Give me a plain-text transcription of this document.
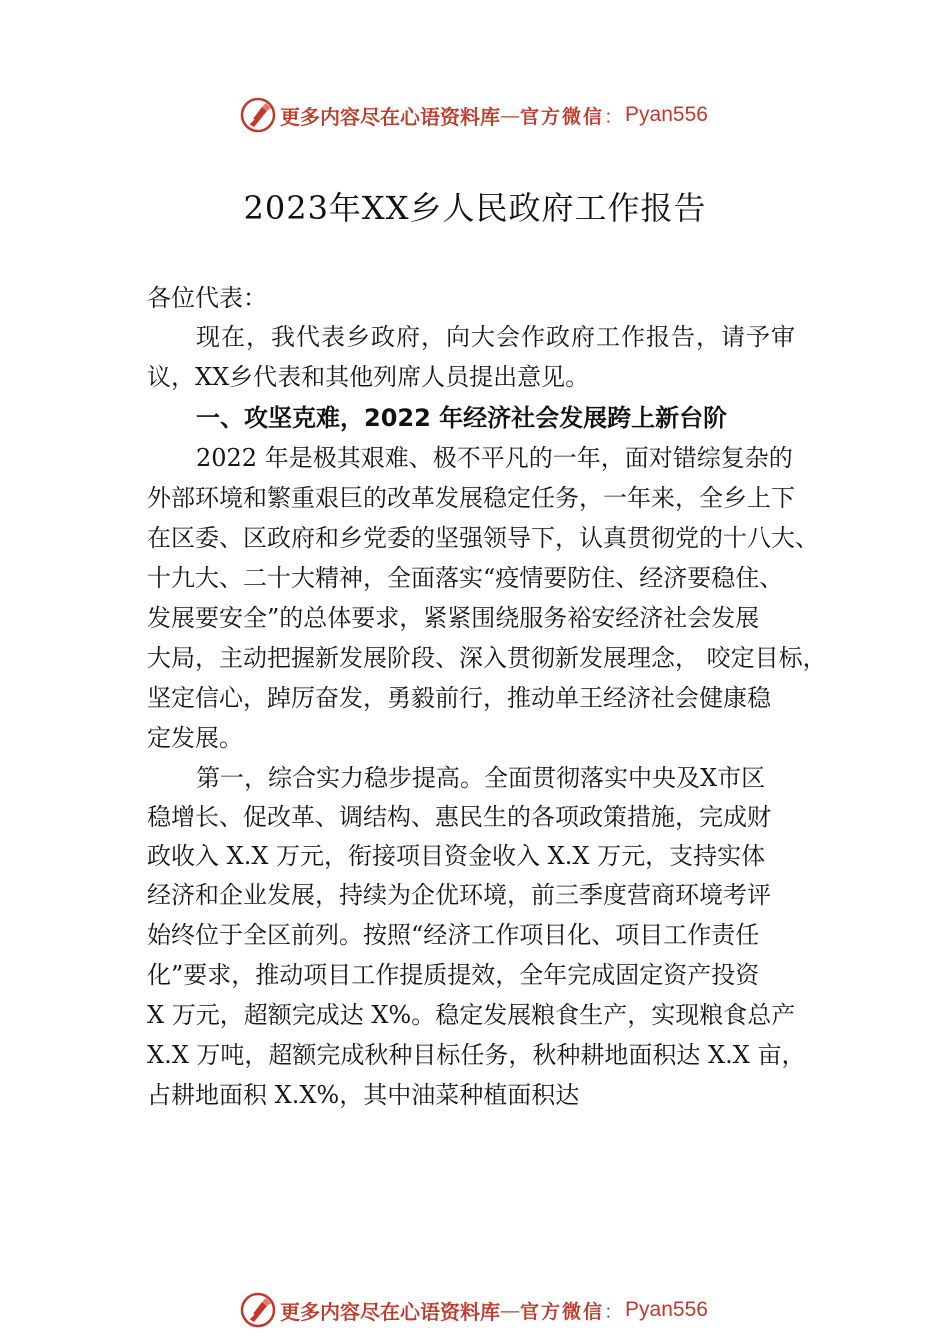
更多内容尽在心语资料库 — 官方微信 ： Pyan556
2023年XX乡人民政府工作报告
各位代表：
现在，我代表乡政府，向大会作政府工作报告，请予审
议，XX乡代表和其他列席人员提出意见。
一、攻坚克难，2022 年经济社会发展跨上新台阶
2022 年是极其艰难、极不平凡的一年，面对错综复杂的
外部环境和繁重艰巨的改革发展稳定任务，一年来，全乡上下
在区委、区政府和乡党委的坚强领导下，认真贯彻党的十八大、
十九大、二十大精神，全面落实“疫情要防住、经济要稳住、
发展要安全”的总体要求，紧紧围绕服务裕安经济社会发展
大局，主动把握新发展阶段、深入贯彻新发展理念， 咬定目标，
坚定信心，踔厉奋发，勇毅前行，推动单王经济社会健康稳
定发展。
第一，综合实力稳步提高。全面贯彻落实中央及X市区
稳增长、促改革、调结构、惠民生的各项政策措施，完成财
政收入 X.X 万元，衔接项目资金收入 X.X 万元，支持实体
经济和企业发展，持续为企优环境，前三季度营商环境考评
始终位于全区前列。按照“经济工作项目化、项目工作责任
化”要求，推动项目工作提质提效，全年完成固定资产投资
X 万元，超额完成达 X%。稳定发展粮食生产，实现粮食总产
X.X 万吨，超额完成秋种目标任务，秋种耕地面积达 X.X 亩，
占耕地面积 X.X%，其中油菜种植面积达
更多内容尽在心语资料库 — 官方微信 ： Pyan556
